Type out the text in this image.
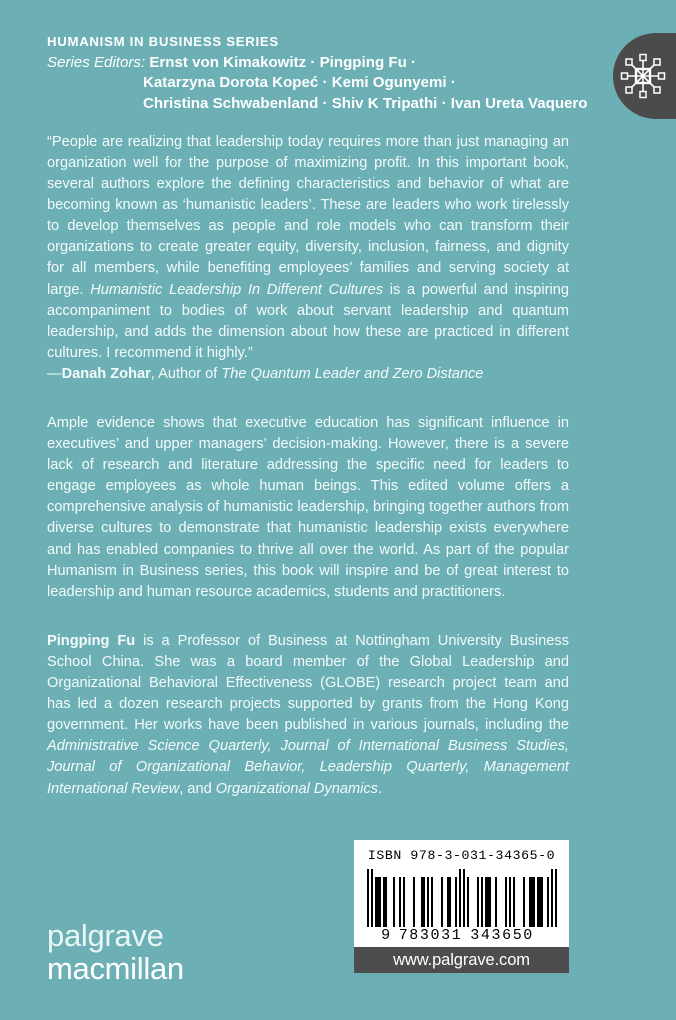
HUMANISM IN BUSINESS SERIES
Series Editors: Ernst von Kimakowitz · Pingping Fu ·
Katarzyna Dorota Kopeć · Kemi Ogunyemi ·
Christina Schwabenland · Shiv K Tripathi · Ivan Ureta Vaquero
“People are realizing that leadership today requires more than just managing an organization well for the purpose of maximizing profit. In this important book, several authors explore the defining characteristics and behavior of what are becoming known as ‘humanistic leaders’. These are leaders who work tirelessly to develop themselves as people and role models who can transform their organizations to create greater equity, diversity, inclusion, fairness, and dignity for all members, while benefiting employees’ families and serving society at large. Humanistic Leadership In Different Cultures is a powerful and inspiring accompaniment to bodies of work about servant leadership and quantum leadership, and adds the dimension about how these are practiced in different cultures. I recommend it highly.”
—Danah Zohar, Author of The Quantum Leader and Zero Distance
Ample evidence shows that executive education has significant influence in executives’ and upper managers’ decision-making. However, there is a severe lack of research and literature addressing the specific need for leaders to engage employees as whole human beings. This edited volume offers a comprehensive analysis of humanistic leadership, bringing together authors from diverse cultures to demonstrate that humanistic leadership exists everywhere and has enabled companies to thrive all over the world. As part of the popular Humanism in Business series, this book will inspire and be of great interest to leadership and human resource academics, students and practitioners.
Pingping Fu is a Professor of Business at Nottingham University Business School China. She was a board member of the Global Leadership and Organizational Behavioral Effectiveness (GLOBE) research project team and has led a dozen research projects supported by grants from the Hong Kong government. Her works have been published in various journals, including the Administrative Science Quarterly, Journal of International Business Studies, Journal of Organizational Behavior, Leadership Quarterly, Management International Review, and Organizational Dynamics.
palgrave
macmillan
ISBN 978-3-031-34365-0
9 783031 343650
www.palgrave.com
